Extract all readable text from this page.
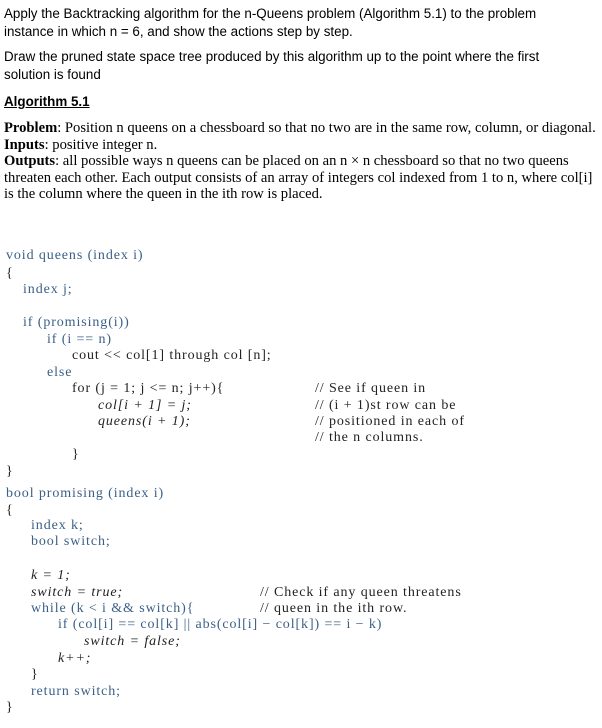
Apply the Backtracking algorithm for the n-Queens problem (Algorithm 5.1) to the problem
instance in which n = 6, and show the actions step by step.
Draw the pruned state space tree produced by this algorithm up to the point where the first
solution is found
Algorithm 5.1
Problem: Position n queens on a chessboard so that no two are in the same row, column, or diagonal.
Inputs: positive integer n.
Outputs: all possible ways n queens can be placed on an n × n chessboard so that no two queens threaten each other. Each output consists of an array of integers col indexed from 1 to n, where col[i] is the column where the queen in the ith row is placed.
void queens (index i)
{
index j;
if (promising(i))
if (i == n)
cout << col[1] through col [n];
else
for (j = 1; j <= n; j++){
col[i + 1] = j;
queens(i + 1);
}
}
// See if queen in
// (i + 1)st row can be
// positioned in each of
// the n columns.
bool promising (index i)
{
index k;
bool switch;
k = 1;
switch = true;
while (k < i && switch){
if (col[i] == col[k] || abs(col[i] − col[k]) == i − k)
switch = false;
k++;
}
return switch;
}
// Check if any queen threatens
// queen in the ith row.
